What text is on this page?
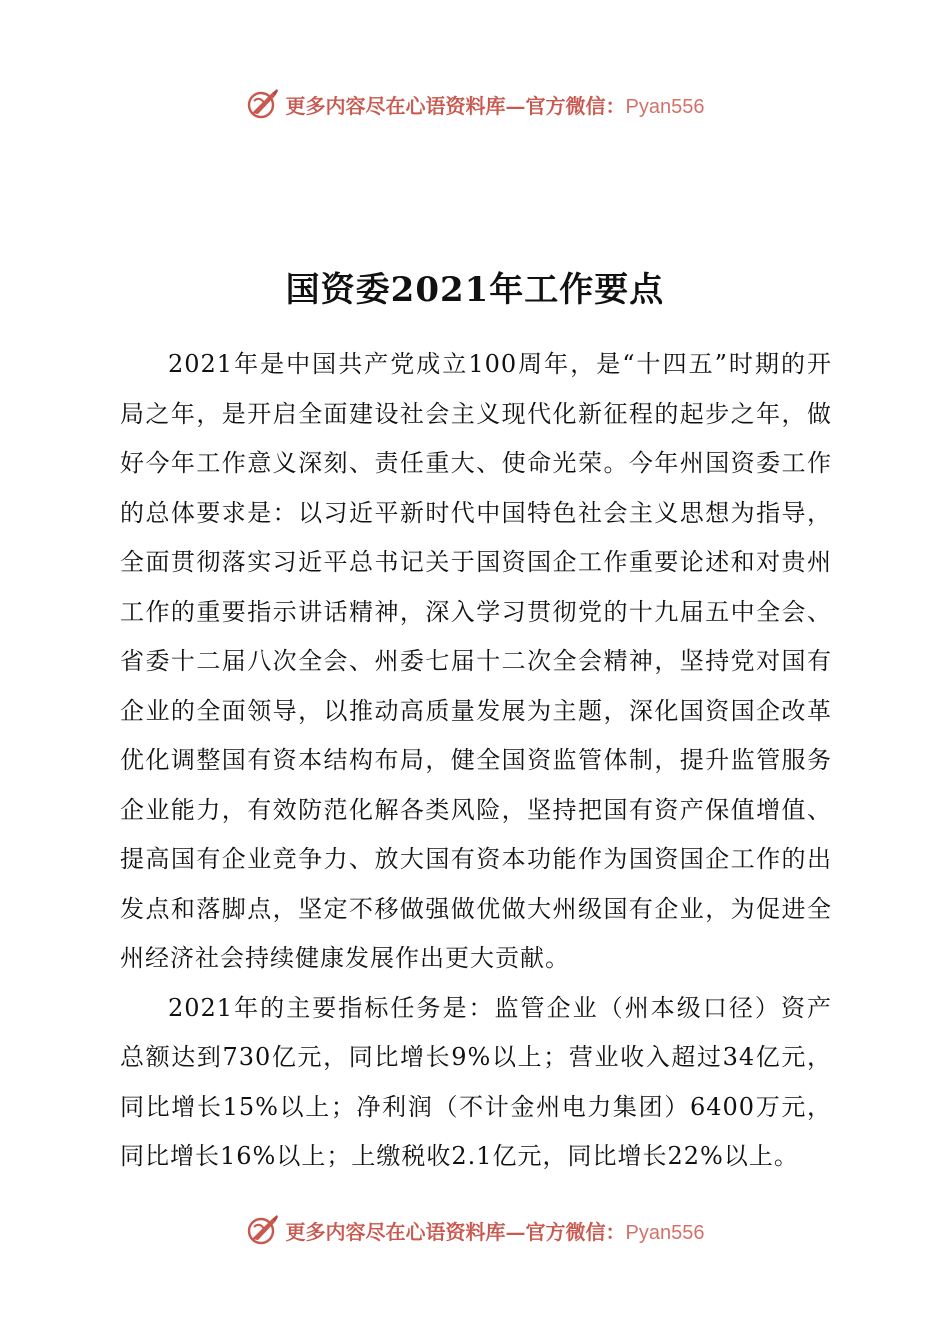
更多内容尽在心语资料库—官方微信：Pyan556
国资委2021年工作要点

2021年是中国共产党成立100周年，是“十四五”时期的开局之年，是开启全面建设社会主义现代化新征程的起步之年，做好今年工作意义深刻、责任重大、使命光荣。今年州国资委工作的总体要求是：以习近平新时代中国特色社会主义思想为指导，全面贯彻落实习近平总书记关于国资国企工作重要论述和对贵州工作的重要指示讲话精神，深入学习贯彻党的十九届五中全会、省委十二届八次全会、州委七届十二次全会精神，坚持党对国有企业的全面领导，以推动高质量发展为主题，深化国资国企改革优化调整国有资本结构布局，健全国资监管体制，提升监管服务企业能力，有效防范化解各类风险，坚持把国有资产保值增值、提高国有企业竞争力、放大国有资本功能作为国资国企工作的出发点和落脚点，坚定不移做强做优做大州级国有企业，为促进全州经济社会持续健康发展作出更大贡献。

2021年的主要指标任务是：监管企业（州本级口径）资产总额达到730亿元，同比增长9%以上；营业收入超过34亿元，同比增长15%以上；净利润（不计金州电力集团）6400万元，同比增长16%以上；上缴税收2.1亿元，同比增长22%以上。

更多内容尽在心语资料库—官方微信：Pyan556
